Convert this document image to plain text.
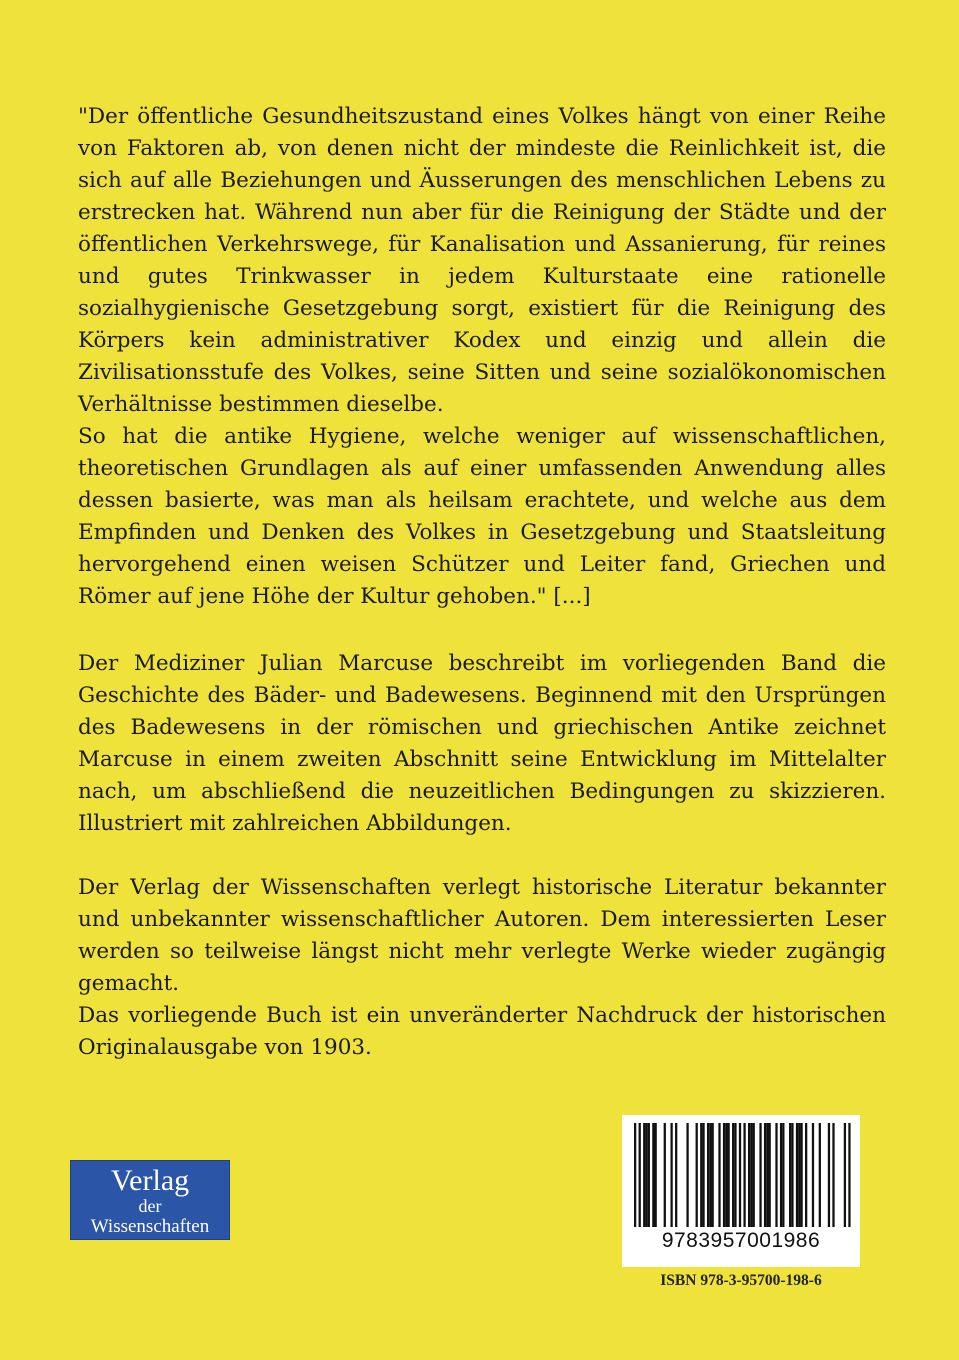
"Der öffentliche Gesundheitszustand eines Volkes hängt von einer Reihe von Faktoren ab, von denen nicht der mindeste die Reinlichkeit ist, die sich auf alle Beziehungen und Äusserungen des menschlichen Lebens zu erstrecken hat. Während nun aber für die Reinigung der Städte und der öffentlichen Verkehrswege, für Kanalisation und Assanierung, für reines und gutes Trinkwasser in jedem Kulturstaate eine rationelle sozialhygienische Gesetzgebung sorgt, existiert für die Reinigung des Körpers kein administrativer Kodex und einzig und allein die Zivilisationsstufe des Volkes, seine Sitten und seine sozialökonomischen Verhältnisse bestimmen dieselbe.

So hat die antike Hygiene, welche weniger auf wissenschaftlichen, theoretischen Grundlagen als auf einer umfassenden Anwendung alles dessen basierte, was man als heilsam erachtete, und welche aus dem Empfinden und Denken des Volkes in Gesetzgebung und Staatsleitung hervorgehend einen weisen Schützer und Leiter fand, Griechen und Römer auf jene Höhe der Kultur gehoben." [...]

Der Mediziner Julian Marcuse beschreibt im vorliegenden Band die Geschichte des Bäder- und Badewesens. Beginnend mit den Ursprüngen des Badewesens in der römischen und griechischen Antike zeichnet Marcuse in einem zweiten Abschnitt seine Entwicklung im Mittelalter nach, um abschließend die neuzeitlichen Bedingungen zu skizzieren. Illustriert mit zahlreichen Abbildungen.

Der Verlag der Wissenschaften verlegt historische Literatur bekannter und unbekannter wissenschaftlicher Autoren. Dem interessierten Leser werden so teilweise längst nicht mehr verlegte Werke wieder zugängig gemacht.

Das vorliegende Buch ist ein unveränderter Nachdruck der historischen Originalausgabe von 1903.

Verlag
der
Wissenschaften
9783957001986
ISBN 978-3-95700-198-6
